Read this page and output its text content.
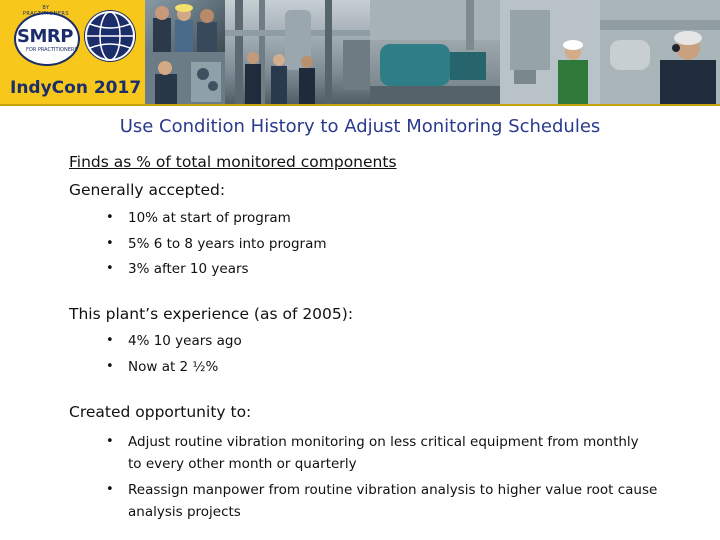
BY PRACTITIONERS
SMRP
FOR PRACTITIONERS
IndyCon 2017
Use Condition History to Adjust Monitoring Schedules
Finds as % of total monitored components
Generally accepted:
• 10% at start of program
• 5% 6 to 8 years into program
• 3% after 10 years
This plant’s experience (as of 2005):
• 4% 10 years ago
• Now at 2 ½%
Created opportunity to:
• Adjust routine vibration monitoring on less critical equipment from monthly to every other month or quarterly
• Reassign manpower from routine vibration analysis to higher value root cause analysis projects
